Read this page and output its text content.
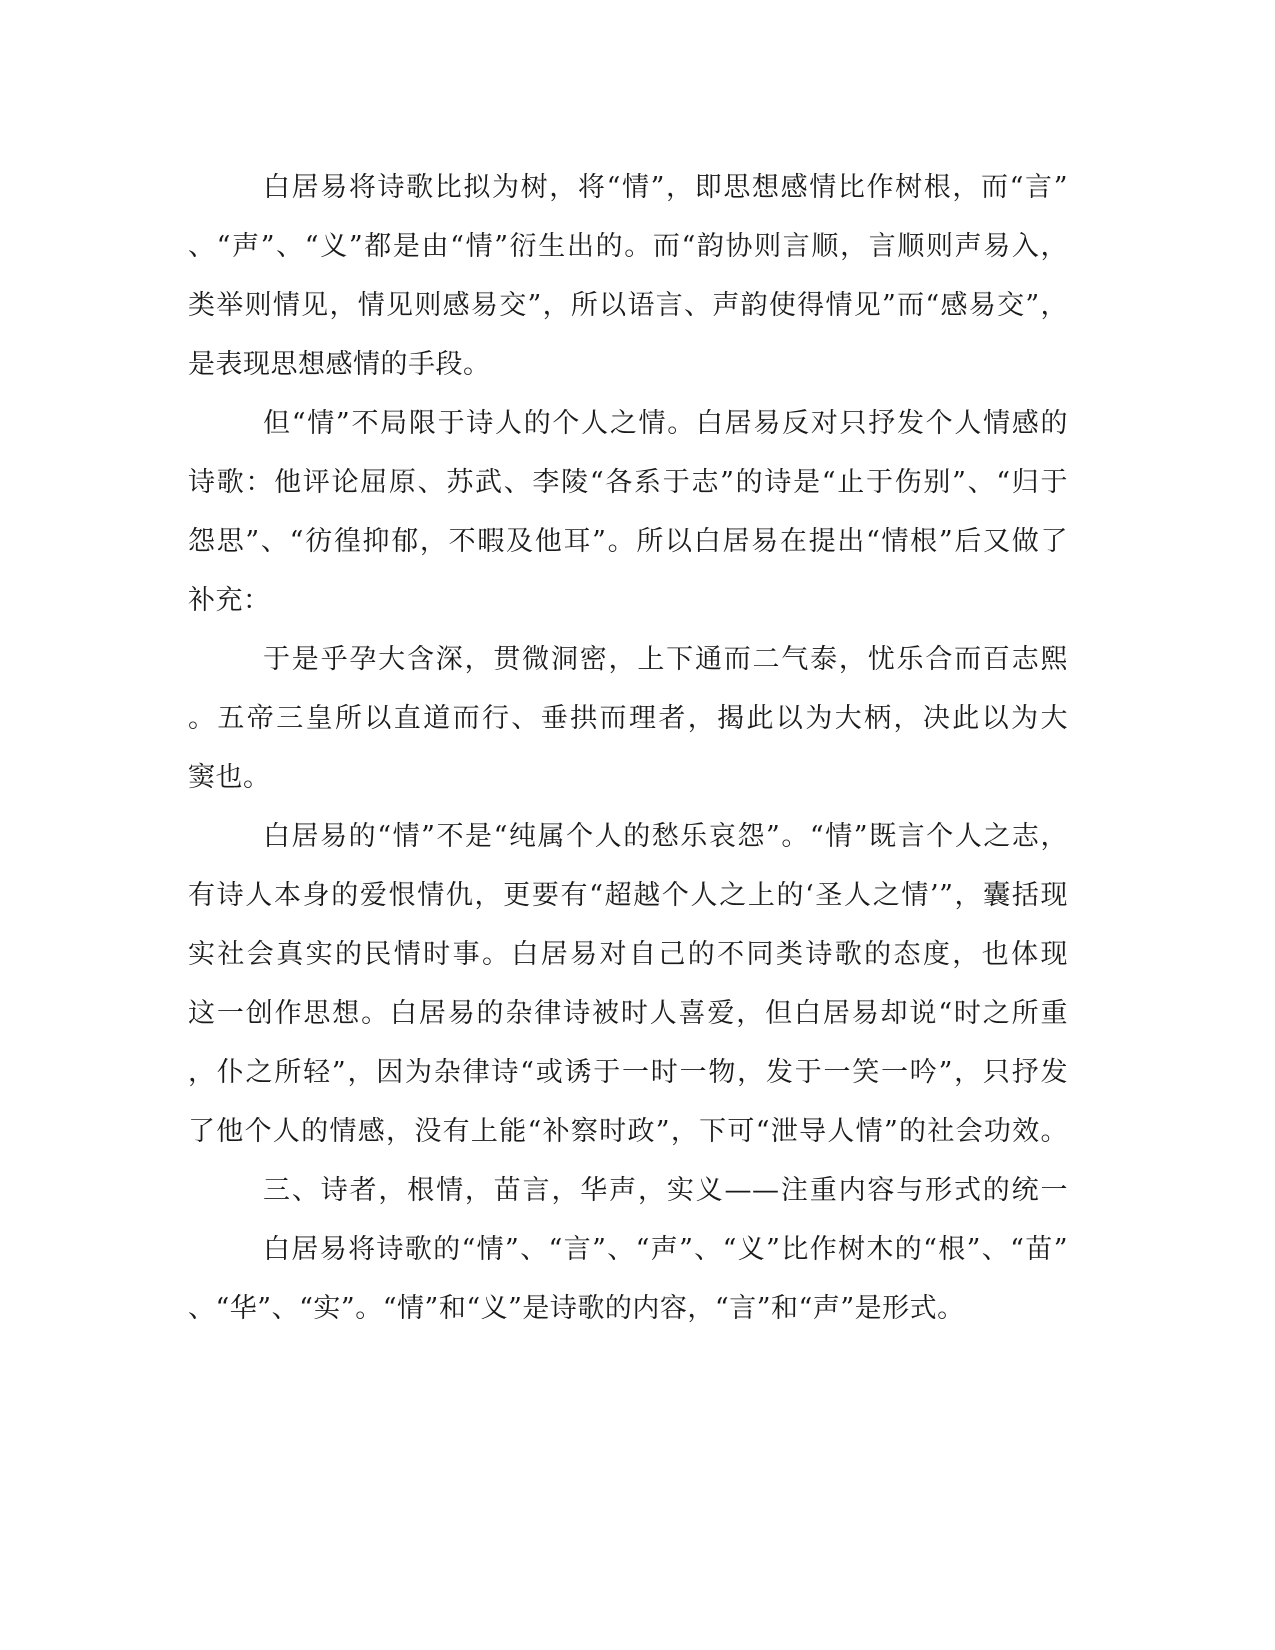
白居易将诗歌比拟为树，将“情”，即思想感情比作树根，而“言”
、“声”、“义”都是由“情”衍生出的。而“韵协则言顺，言顺则声易入，
类举则情见，情见则感易交”，所以语言、声韵使得情见”而“感易交”，
是表现思想感情的手段。
但“情”不局限于诗人的个人之情。白居易反对只抒发个人情感的
诗歌：他评论屈原、苏武、李陵“各系于志”的诗是“止于伤别”、“归于
怨思”、“彷徨抑郁，不暇及他耳”。所以白居易在提出“情根”后又做了
补充：
于是乎孕大含深，贯微洞密，上下通而二气泰，忧乐合而百志熙
。五帝三皇所以直道而行、垂拱而理者，揭此以为大柄，决此以为大
窦也。
白居易的“情”不是“纯属个人的愁乐哀怨”。“情”既言个人之志，
有诗人本身的爱恨情仇，更要有“超越个人之上的‘圣人之情’”，囊括现
实社会真实的民情时事。白居易对自己的不同类诗歌的态度，也体现
这一创作思想。白居易的杂律诗被时人喜爱，但白居易却说“时之所重
，仆之所轻”，因为杂律诗“或诱于一时一物，发于一笑一吟”，只抒发
了他个人的情感，没有上能“补察时政”，下可“泄导人情”的社会功效。
三、诗者，根情，苗言，华声，实义——注重内容与形式的统一
白居易将诗歌的“情”、“言”、“声”、“义”比作树木的“根”、“苗”
、“华”、“实”。“情”和“义”是诗歌的内容，“言”和“声”是形式。
